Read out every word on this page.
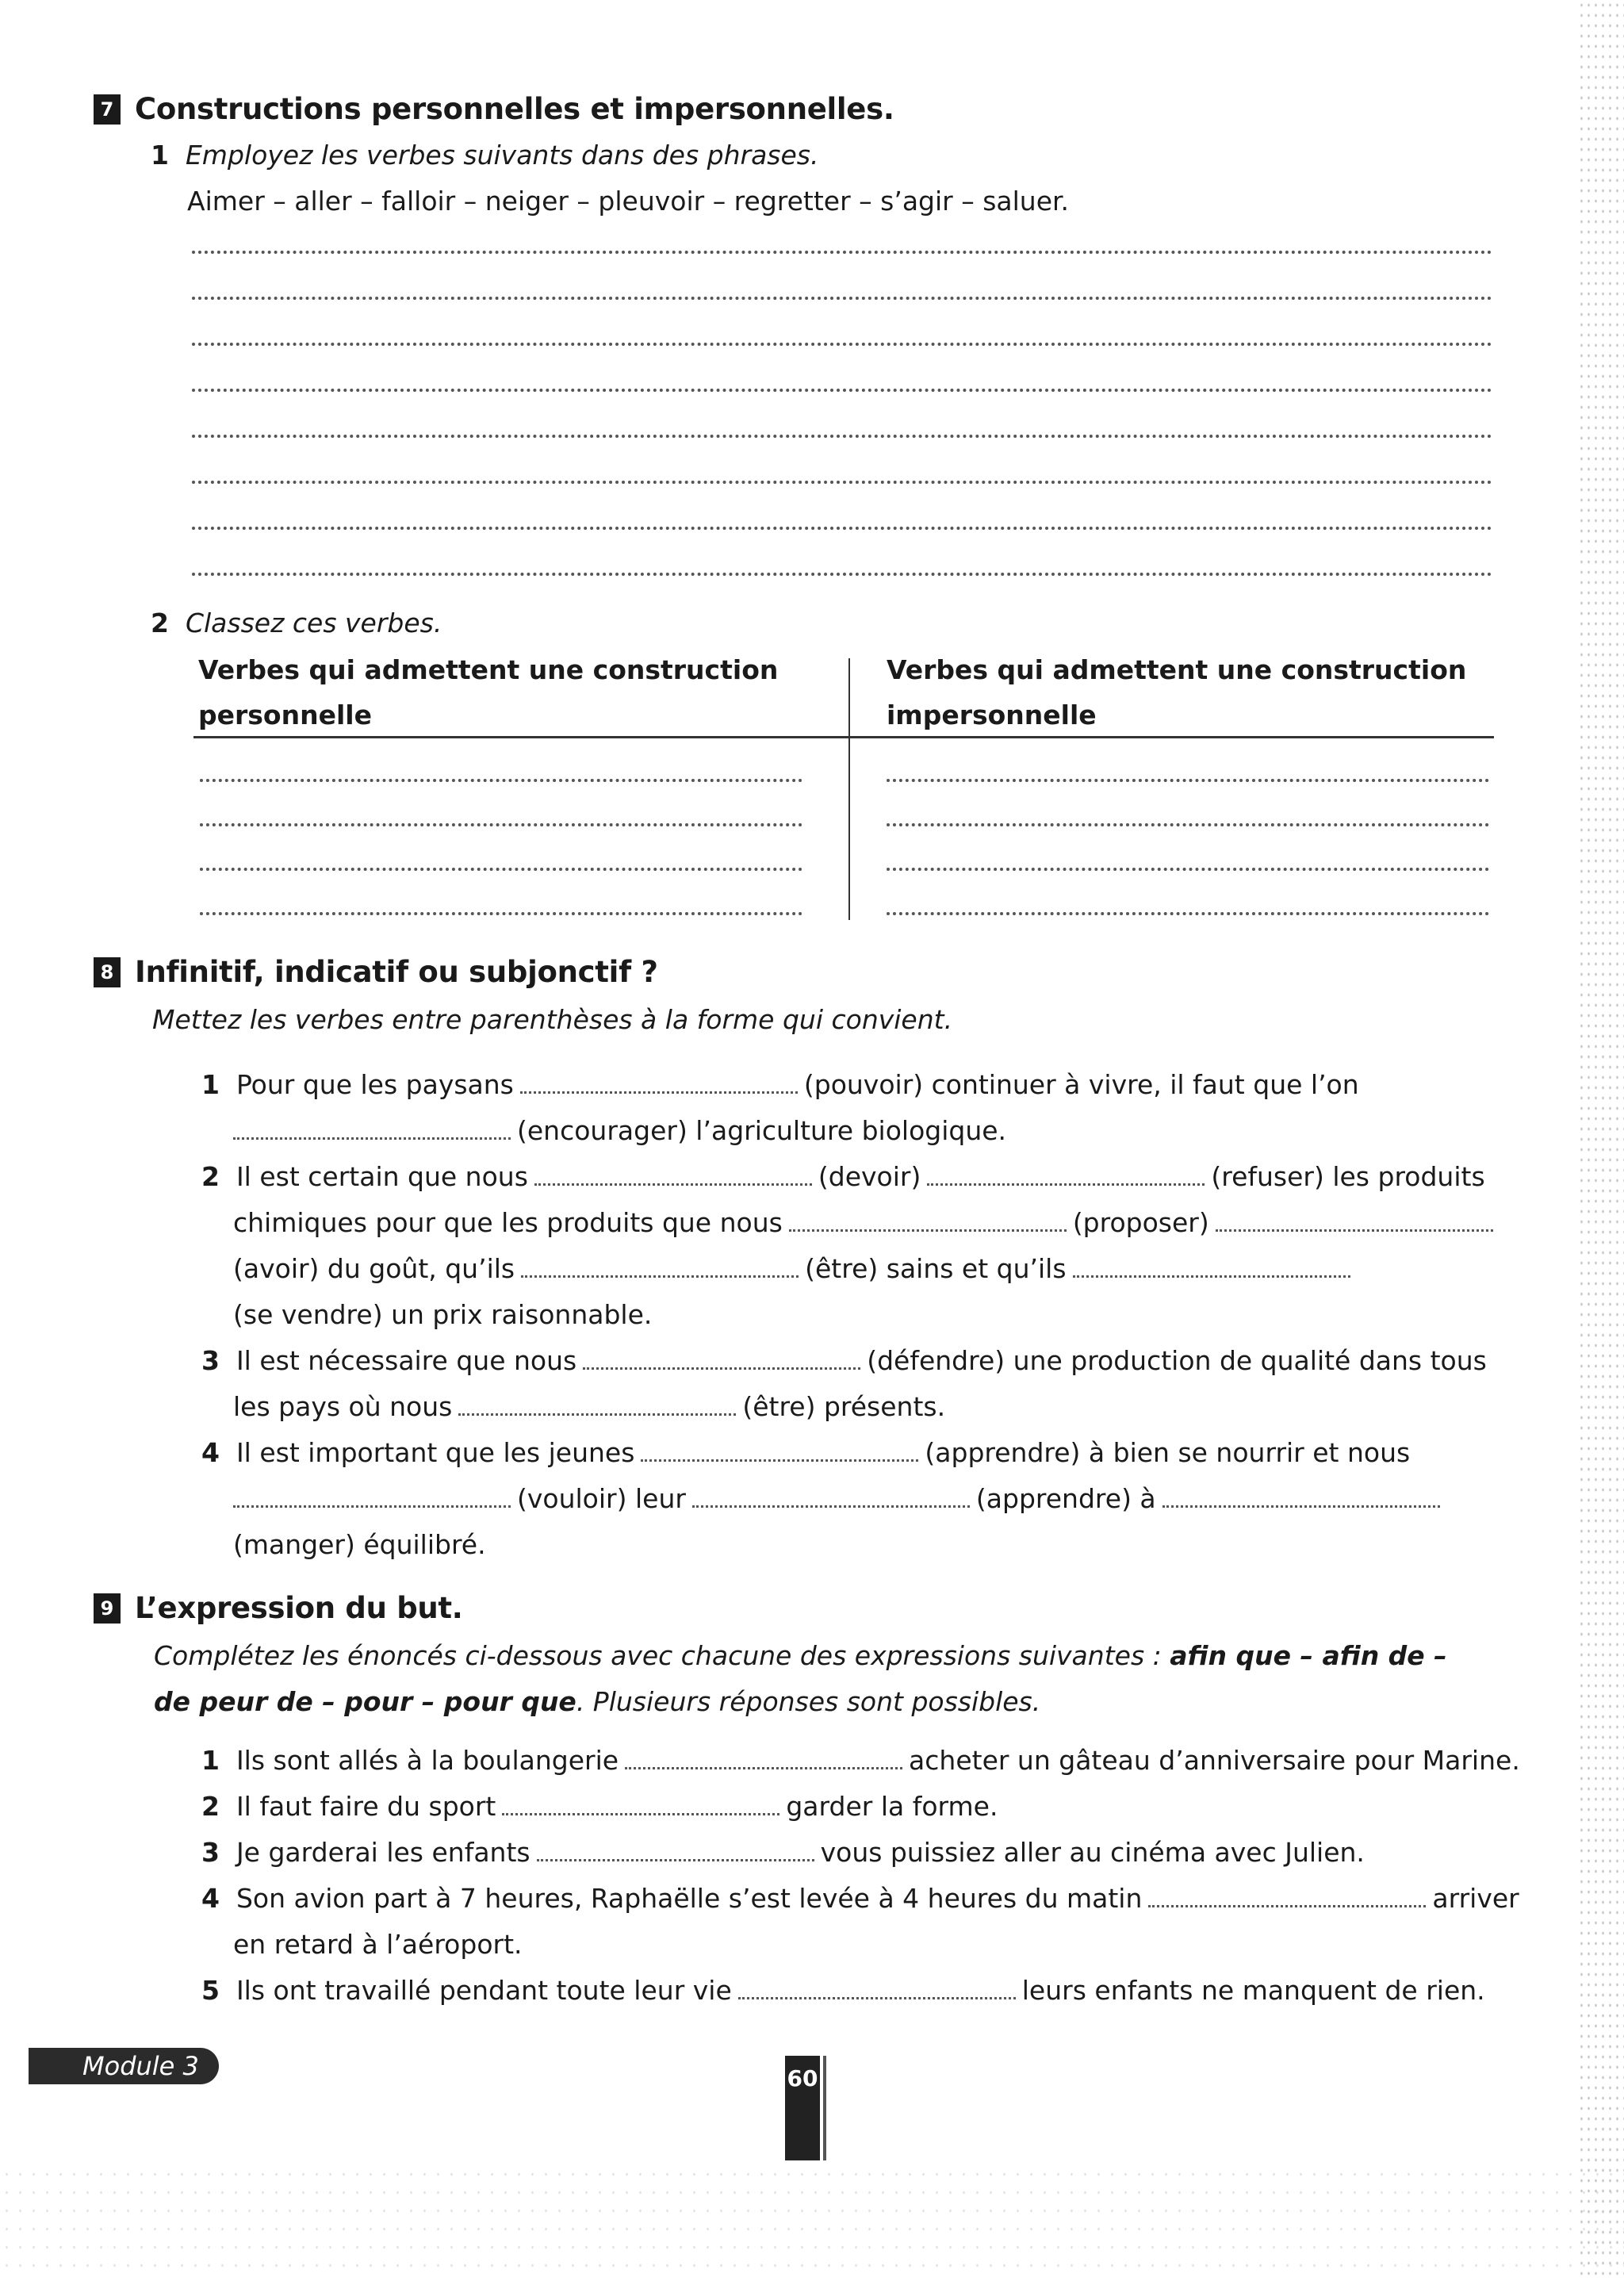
7 Constructions personnelles et impersonnelles.
1 Employez les verbes suivants dans des phrases.
Aimer – aller – falloir – neiger – pleuvoir – regretter – s’agir – saluer.
2 Classez ces verbes.
Verbes qui admettent une construction
personnelle
Verbes qui admettent une construction
impersonnelle
8 Infinitif, indicatif ou subjonctif ?
Mettez les verbes entre parenthèses à la forme qui convient.
1 Pour que les paysans	(pouvoir) continuer à vivre, il faut que l’on
(encourager) l’agriculture biologique.
2 Il est certain que nous	(devoir)	(refuser) les produits
chimiques pour que les produits que nous	(proposer)
(avoir) du goût, qu’ils	(être) sains et qu’ils
(se vendre) un prix raisonnable.
3 Il est nécessaire que nous	(défendre) une production de qualité dans tous
les pays où nous	(être) présents.
4 Il est important que les jeunes	(apprendre) à bien se nourrir et nous
(vouloir) leur	(apprendre) à
(manger) équilibré.
9 L’expression du but.
Complétez les énoncés ci-dessous avec chacune des expressions suivantes : afin que – afin de –
de peur de – pour – pour que. Plusieurs réponses sont possibles.
1 Ils sont allés à la boulangerie	acheter un gâteau d’anniversaire pour Marine.
2 Il faut faire du sport	garder la forme.
3 Je garderai les enfants	vous puissiez aller au cinéma avec Julien.
4 Son avion part à 7 heures, Raphaëlle s’est levée à 4 heures du matin	arriver
en retard à l’aéroport.
5 Ils ont travaillé pendant toute leur vie	leurs enfants ne manquent de rien.
Module 3	60
